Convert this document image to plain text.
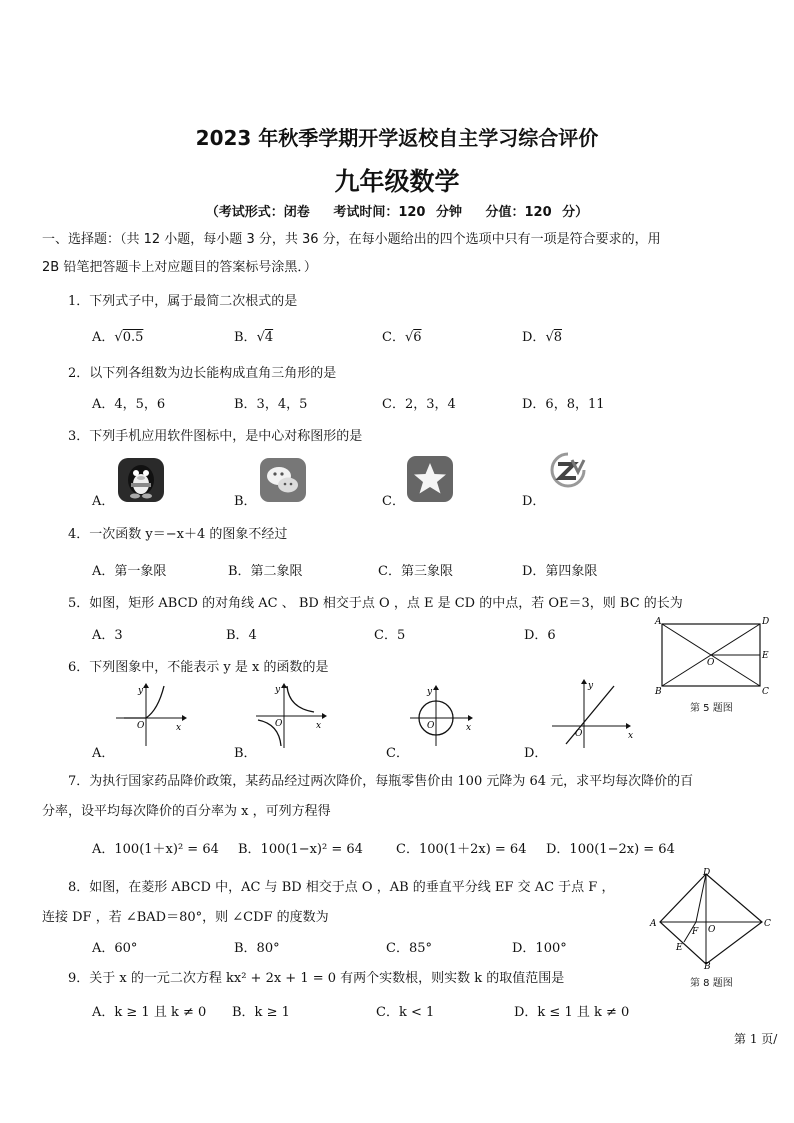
2023 年秋季学期开学返校自主学习综合评价
九年级数学
（考试形式：闭卷　 考试时间：120 分钟　 分值：120 分）
一、选择题：（共 12 小题，每小题 3 分，共 36 分，在每小题给出的四个选项中只有一项是符合要求的，用
2B 铅笔把答题卡上对应题目的答案标号涂黑．）
1．下列式子中，属于最简二次根式的是
A．√0.5	B．√4	C．√6	D．√8
2．以下列各组数为边长能构成直角三角形的是
A．4，5，6	B．3，4，5	C．2，3，4	D．6，8，11
3．下列手机应用软件图标中，是中心对称图形的是
A．	B．	C．	D．
4．一次函数 y＝−x＋4 的图象不经过
A．第一象限	B．第二象限	C．第三象限	D．第四象限
5．如图，矩形 ABCD 的对角线 AC 、 BD 相交于点 O ，点 E 是 CD 的中点，若 OE＝3，则 BC 的长为
A．3	B．4	C．5	D．6
A	D
E
O
B	C
第 5 题图
6．下列图象中，不能表示 y 是 x 的函数的是
y
x
O
A．
y
x
O
B．
y
x
O
C．
y
x
O
D．
7．为执行国家药品降价政策，某药品经过两次降价，每瓶零售价由 100 元降为 64 元，求平均每次降价的百
分率，设平均每次降价的百分率为 x ，可列方程得
A．100(1＋x)² = 64 B．100(1−x)² = 64	C．100(1＋2x) = 64 D．100(1−2x) = 64
8．如图，在菱形 ABCD 中，AC 与 BD 相交于点 O ，AB 的垂直平分线 EF 交 AC 于点 F ，
连接 DF ，若 ∠BAD＝80°，则 ∠CDF 的度数为
A．60°	B．80°	C．85°	D．100°
D
A
F O
C
E
B
第 8 题图
9．关于 x 的一元二次方程 kx² + 2x + 1 = 0 有两个实数根，则实数 k 的取值范围是
A．k ≥ 1 且 k ≠ 0 B．k ≥ 1	C．k < 1	D．k ≤ 1 且 k ≠ 0
第 1 页/
